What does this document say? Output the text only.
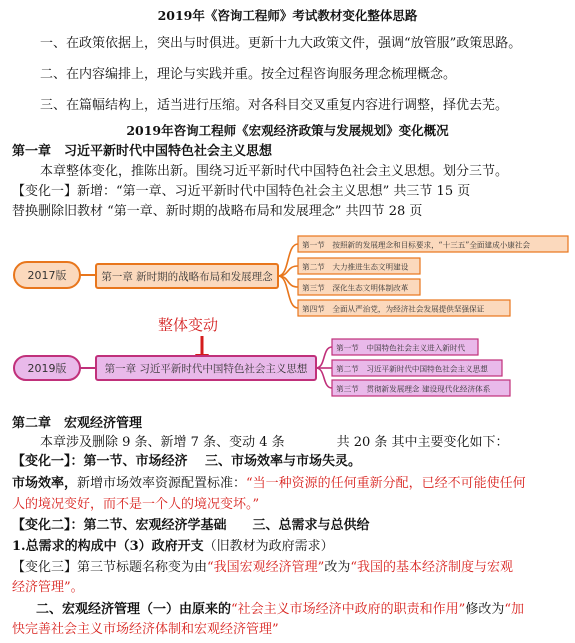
2019年《咨询工程师》考试教材变化整体思路
一、在政策依据上，突出与时俱进。更新十九大政策文件，强调“放管服”政策思路。
二、在内容编排上，理论与实践并重。按全过程咨询服务理念梳理概念。
三、在篇幅结构上，适当进行压缩。对各科目交叉重复内容进行调整，择优去芜。
2019年咨询工程师《宏观经济政策与发展规划》变化概况
第一章　习近平新时代中国特色社会主义思想
本章整体变化，推陈出新。围绕习近平新时代中国特色社会主义思想。划分三节。
【变化一】新增：“第一章、习近平新时代中国特色社会主义思想” 共三节 15 页
替换删除旧教材 “第一章、新时期的战略布局和发展理念” 共四节 28 页
2017版	第一章 新时期的战略布局和发展理念
第一节　按照新的发展理念和目标要求，“十三五”全面建成小康社会
第二节　大力推进生态文明建设
第三节　深化生态文明体制改革
第四节　全面从严治党，为经济社会发展提供坚强保证
整体变动
2019版	第一章 习近平新时代中国特色社会主义思想
第一节　中国特色社会主义进入新时代
第二节　习近平新时代中国特色社会主义思想
第三节　贯彻新发展理念 建设现代化经济体系
第二章　宏观经济管理
本章涉及删除 9 条、新增 7 条、变动 4 条　　　　共 20 条 其中主要变化如下：
【变化一】：第一节、市场经济　 三、市场效率与市场失灵。
市场效率，新增市场效率资源配置标准：“当一种资源的任何重新分配，已经不可能使任何
人的境况变好，而不是一个人的境况变坏。”
【变化二】：第二节、宏观经济学基础　　三、总需求与总供给
1.总需求的构成中（3）政府开支（旧教材为政府需求）
【变化三】第三节标题名称变为由“我国宏观经济管理”改为“我国的基本经济制度与宏观
经济管理”。
二、宏观经济管理（一）由原来的“社会主义市场经济中政府的职责和作用”修改为“加
快完善社会主义市场经济体制和宏观经济管理”
